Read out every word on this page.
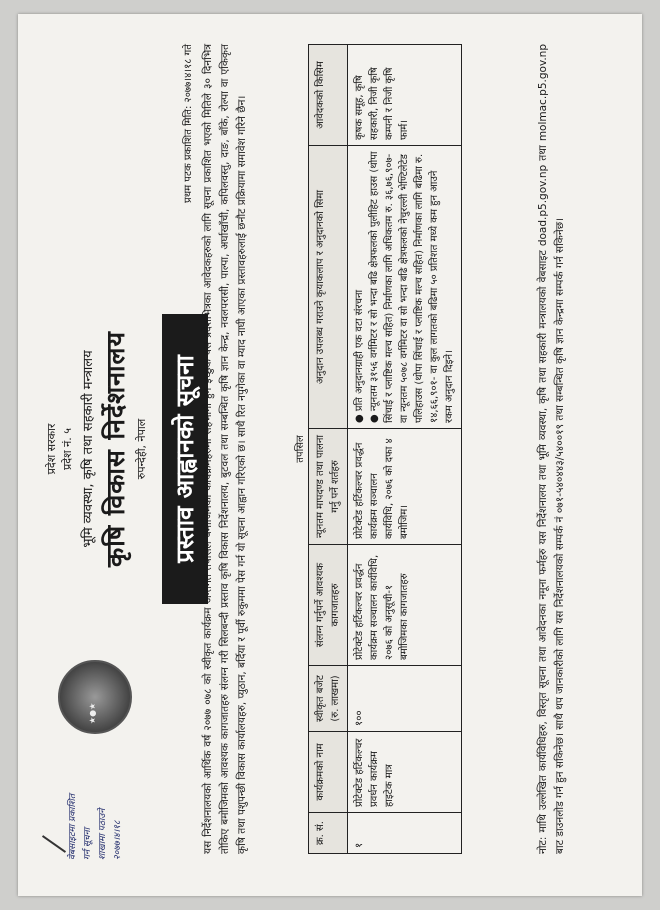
वेबसाइटमा प्रकाशित गर्न सूचना शाखामा पठाउने २०७७।४।१८
★●★
प्रदेश सरकार प्रदेश नं. ५ भूमि व्यवस्था, कृषि तथा सहकारी मन्त्रालय कृषि विकास निर्देशनालय रुपन्देही, नेपाल प्रस्ताव आह्वानको सूचना
प्रथम पटक प्रकाशित मिति: २०७७।४।१८ गते यस निर्देशनालयको आर्थिक वर्ष २०७७ ०७८ को स्वीकृत कार्यक्रम अन्तर्गत तपसिल बमोजिमका कार्यक्रमहरुमा सहभागी हुन इच्छुक यस प्रदेशभित्रका आवेदकहरुको लागि सूचना प्रकाशित भएको मितिले ३० दिनभित्र तोकिए बमोजिमको आवश्यक कागजातहरु संलग्न गरी सिलबन्दी प्रस्ताव कृषि विकास निर्देशनालय, बुटवल तथा सम्बन्धित कृषि ज्ञान केन्द्र, नवलपरासी, पाल्पा, अर्घाखाँची, कपिलवस्तु, दाङ, बाँके, रोल्पा वा एकिकृत कृषि तथा पशुपन्छी विकास कार्यालयहरु, प्युठान, बर्दिया र पूर्वी रुकुममा पेस गर्न यो सूचना आह्वान गरिएको छ। साथै रित नपुगेका वा म्याद नाघी आएका प्रस्तावहरुलाई छनौट प्रक्रियामा समावेश गरिने छैन।	तपसिल
क्र. सं.	कार्यक्रमको नाम	स्वीकृत बजेट (रु. लाखमा)	संलग्न गर्नुपर्ने आवश्यक कागजातहरु	न्यूनतम मापदण्ड तथा पालना गर्नु पर्ने शर्तहरु	अनुदान उपलब्ध गराउने कृयाकलाप र अनुदानको सिमा	आवेदकको किसिम
१	प्रोटेक्टेड हर्टिकल्चर प्रवर्धन कार्यक्रम हाइटेक मात्र	१००	प्रोटेक्टेड हर्टिकल्चर प्रवर्द्धन कार्यक्रम सञ्चालन कार्यविधि, २०७६ को अनुसूची-१ बमोजिमका कागजातहरु	प्रोटेक्टेड हर्टिकल्चर प्रवर्द्धन कार्यक्रम सञ्चालन कार्यविधि, २०७६ को दफा ४ बमोजिम।	● प्रति अनुदानग्राही एक वटा संरचना
● न्यूनतम ३१५६ वर्गमिटर र सो भन्दा बढि क्षेत्रफलको पुलीहिट हाउस (थोपा सिंचाई र प्लाष्टिक मल्च सहित) निर्माणका लागि अधिकतम रु. ३६,७६,९०७- वा न्यूनतम ५०७८ वर्गमिटर वा सो भन्दा बढि क्षेत्रफलको नेचुरल्ली भेण्टिलेटेड पलिहाउस (थोपा सिंचाई र प्लाष्टिक मल्च सहित) निर्माणका लागि बढिमा रु. १४,६६,९०१- वा कुल लागतको बढिमा ५० प्रतिशत मध्ये कम हुन आउने रकम अनुदान दिइने।	कृषक समूह, कृषि सहकारी, निजी कृषि कम्पनी र निजी कृषि फार्म।	नोट: माथि उल्लेखित कार्यविधिहरु, विस्तृत सूचना तथा आवेदनका नमूना फर्महरु यस निर्देशनालय तथा भूमि व्यवस्था, कृषि तथा सहकारी मन्त्रालयको वेबसाइट doad.p5.gov.np तथा molmac.p5.gov.np बाट डाउनलोड गर्न हुन सकिनेछ। साथै थप जानकारीको लागि यस निर्देशनालयको सम्पर्क नं ०७१-५४०४४३/५४००१९ तथा सम्बन्धित कृषि ज्ञान केन्द्रमा सम्पर्क गर्न सकिनेछ।
